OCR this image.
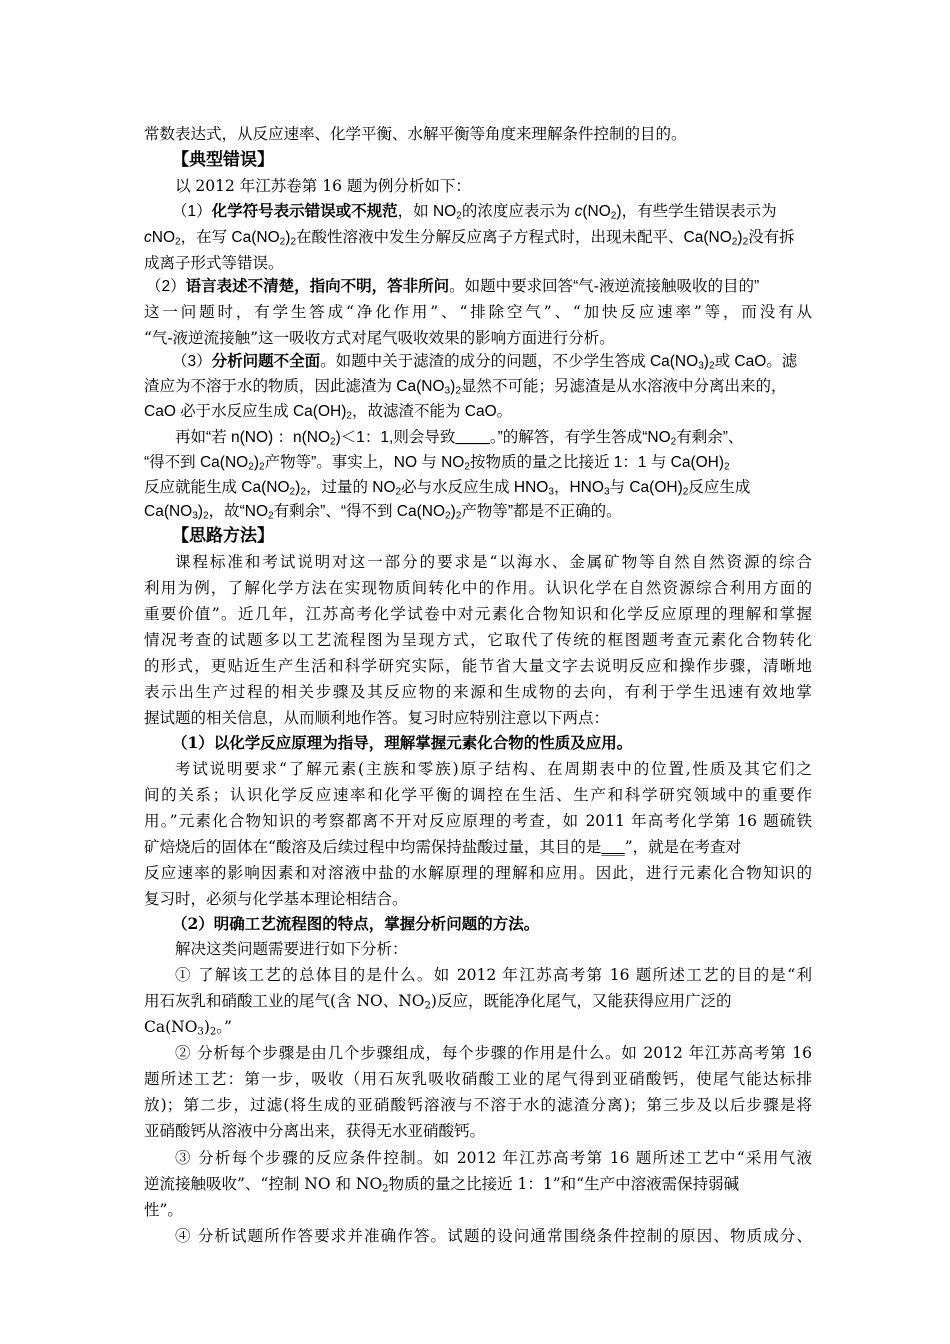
常数表达式，从反应速率、化学平衡、水解平衡等角度来理解条件控制的目的。
【典型错误】
以 2012 年江苏卷第 16 题为例分析如下：
（1）化学符号表示错误或不规范，如 $NO_2$的浓度应表示为 $c(NO_2)$，有些学生错误表示为
cNO$_2$，在写 $Ca(NO_2)_2$在酸性溶液中发生分解反应离子方程式时，出现未配平、$Ca(NO_2)_2$没有拆
成离子形式等错误。
（2）语言表述不清楚，指向不明，答非所问。如题中要求回答“气-液逆流接触吸收的目的”
这一问题时，有学生答成“净化作用”、“排除空气”、“加快反应速率”等，而没有从
“气-液逆流接触”这一吸收方式对尾气吸收效果的影响方面进行分析。
（3）分析问题不全面。如题中关于滤渣的成分的问题，不少学生答成 $Ca(NO_3)_2$或 CaO。滤
渣应为不溶于水的物质，因此滤渣为 $Ca(NO_3)_2$显然不可能；另滤渣是从水溶液中分离出来的，
CaO 必于水反应生成 $Ca(OH)_2$，故滤渣不能为 CaO。
再如“若 n(NO) ：$n(NO_2)<1$：1,则会导致____。”的解答，有学生答成“$NO_2$有剩余”、
“得不到 $Ca(NO_2)_2$产物等”。事实上，NO 与 $NO_2$按物质的量之比接近 1：1 与 $Ca(OH)_2$
反应就能生成 $Ca(NO_2)_2$，过量的 $NO_2$必与水反应生成 $HNO_3$，$HNO_3$与 $Ca(OH)_2$反应生成
$Ca(NO_3)_2$，故“$NO_2$有剩余”、“得不到 $Ca(NO_2)_2$产物等”都是不正确的。
【思路方法】
课程标准和考试说明对这一部分的要求是“以海水、金属矿物等自然自然资源的综合
利用为例，了解化学方法在实现物质间转化中的作用。认识化学在自然资源综合利用方面的
重要价值”。近几年，江苏高考化学试卷中对元素化合物知识和化学反应原理的理解和掌握
情况考查的试题多以工艺流程图为呈现方式，它取代了传统的框图题考查元素化合物转化
的形式，更贴近生产生活和科学研究实际，能节省大量文字去说明反应和操作步骤，清晰地
表示出生产过程的相关步骤及其反应物的来源和生成物的去向，有利于学生迅速有效地掌
握试题的相关信息，从而顺利地作答。复习时应特别注意以下两点：
（1）以化学反应原理为指导，理解掌握元素化合物的性质及应用。
考试说明要求“了解元素(主族和零族)原子结构、在周期表中的位置,性质及其它们之
间的关系；认识化学反应速率和化学平衡的调控在生活、生产和科学研究领域中的重要作
用。”元素化合物知识的考察都离不开对反应原理的考查，如 2011 年高考化学第 16 题硫铁
矿焙烧后的固体在“酸溶及后续过程中均需保持盐酸过量，其目的是___”，就是在考查对
反应速率的影响因素和对溶液中盐的水解原理的理解和应用。因此，进行元素化合物知识的
复习时，必须与化学基本理论相结合。
（2）明确工艺流程图的特点，掌握分析问题的方法。
解决这类问题需要进行如下分析：
① 了解该工艺的总体目的是什么。如 2012 年江苏高考第 16 题所述工艺的目的是“利
用石灰乳和硝酸工业的尾气(含 NO、$NO_2$)反应，既能净化尾气，又能获得应用广泛的
$Ca(NO_3)_2$。”
② 分析每个步骤是由几个步骤组成，每个步骤的作用是什么。如 2012 年江苏高考第 16
题所述工艺：第一步，吸收（用石灰乳吸收硝酸工业的尾气得到亚硝酸钙，使尾气能达标排
放)；第二步，过滤(将生成的亚硝酸钙溶液与不溶于水的滤渣分离)；第三步及以后步骤是将
亚硝酸钙从溶液中分离出来，获得无水亚硝酸钙。
③ 分析每个步骤的反应条件控制。如 2012 年江苏高考第 16 题所述工艺中“采用气液
逆流接触吸收”、“控制 NO 和 $NO_2$物质的量之比接近 1：1”和“生产中溶液需保持弱碱
性”。
④ 分析试题所作答要求并准确作答。试题的设问通常围绕条件控制的原因、物质成分、
